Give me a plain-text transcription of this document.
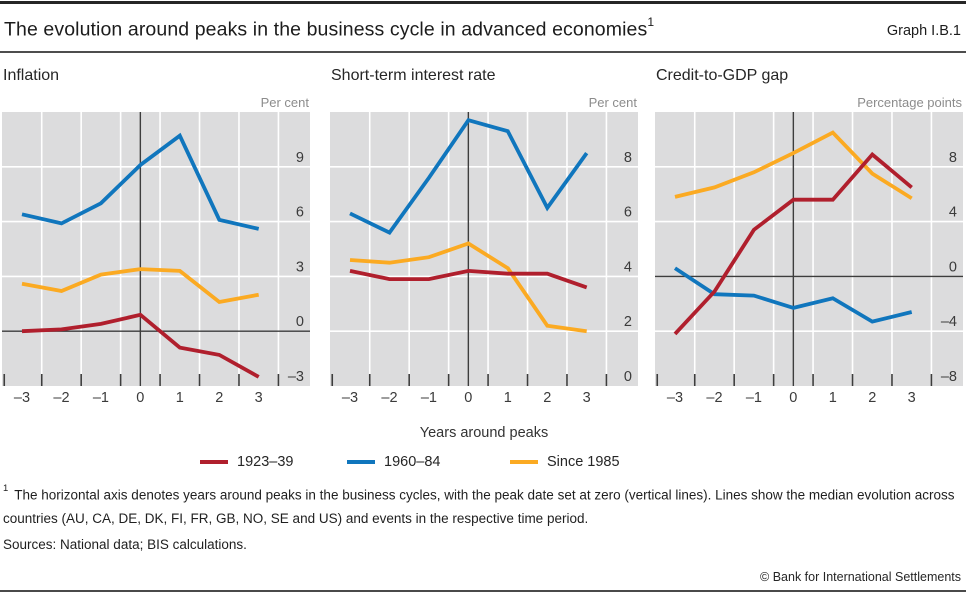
The evolution around peaks in the business cycle in advanced economies$^1$
Graph I.B.1
Inflation
Per cent
9
6
3
0
–3
–3 –2 –1 0 1 2 3
Short-term interest rate
Per cent
8
6
4
2
0
–3 –2 –1 0 1 2 3
Credit-to-GDP gap
Percentage points
8
4
0
–4
–8
–3 –2 –1 0 1 2 3
Years around peaks
1923–39	1960–84	Since 1985
$^1$ The horizontal axis denotes years around peaks in the business cycles, with the peak date set at zero (vertical lines). Lines show the median evolution across countries (AU, CA, DE, DK, FI, FR, GB, NO, SE and US) and events in the respective time period.
Sources: National data; BIS calculations.
© Bank for International Settlements
